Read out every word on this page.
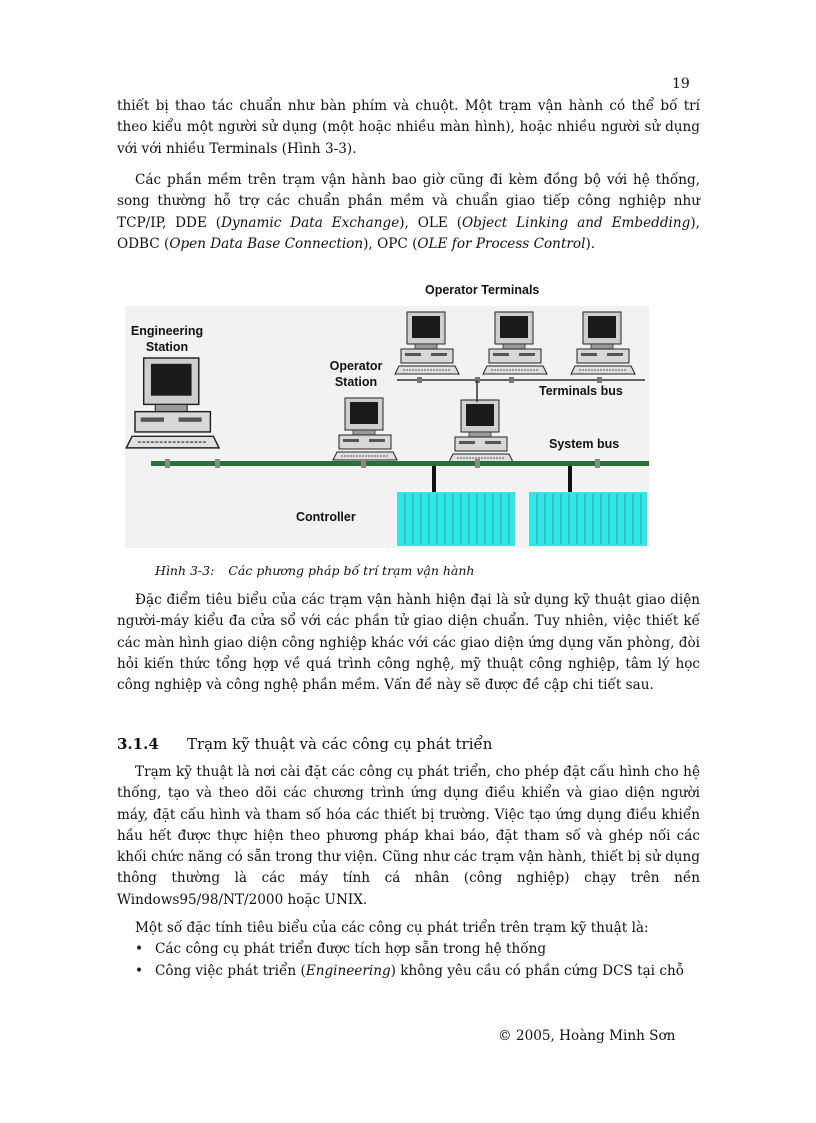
19

thiết bị thao tác chuẩn như bàn phím và chuột. Một trạm vận hành có thể bố trí theo kiểu một người sử dụng (một hoặc nhiều màn hình), hoặc nhiều người sử dụng với với nhiều Terminals (Hình 3-3).

Các phần mềm trên trạm vận hành bao giờ cũng đi kèm đồng bộ với hệ thống, song thường hỗ trợ các chuẩn phần mềm và chuẩn giao tiếp công nghiệp như TCP/IP, DDE (Dynamic Data Exchange), OLE (Object Linking and Embedding), ODBC (Open Data Base Connection), OPC (OLE for Process Control).

Operator Terminals
Engineering Station
Operator Station
Terminals bus
System bus
Controller
Hình 3-3: Các phương pháp bố trí trạm vận hành

Đặc điểm tiêu biểu của các trạm vận hành hiện đại là sử dụng kỹ thuật giao diện người-máy kiểu đa cửa sổ với các phần tử giao diện chuẩn. Tuy nhiên, việc thiết kế các màn hình giao diện công nghiệp khác với các giao diện ứng dụng văn phòng, đòi hỏi kiến thức tổng hợp về quá trình công nghệ, mỹ thuật công nghiệp, tâm lý học công nghiệp và công nghệ phần mềm. Vấn đề này sẽ được đề cập chi tiết sau.

3.1.4 Trạm kỹ thuật và các công cụ phát triển

Trạm kỹ thuật là nơi cài đặt các công cụ phát triển, cho phép đặt cấu hình cho hệ thống, tạo và theo dõi các chương trình ứng dụng điều khiển và giao diện người máy, đặt cấu hình và tham số hóa các thiết bị trường. Việc tạo ứng dụng điều khiển hầu hết được thực hiện theo phương pháp khai báo, đặt tham số và ghép nối các khối chức năng có sẵn trong thư viện. Cũng như các trạm vận hành, thiết bị sử dụng thông thường là các máy tính cá nhân (công nghiệp) chạy trên nền Windows95/98/NT/2000 hoặc UNIX.

Một số đặc tính tiêu biểu của các công cụ phát triển trên trạm kỹ thuật là:

• Các công cụ phát triển được tích hợp sẵn trong hệ thống
• Công việc phát triển (Engineering) không yêu cầu có phần cứng DCS tại chỗ
© 2005, Hoàng Minh Sơn
